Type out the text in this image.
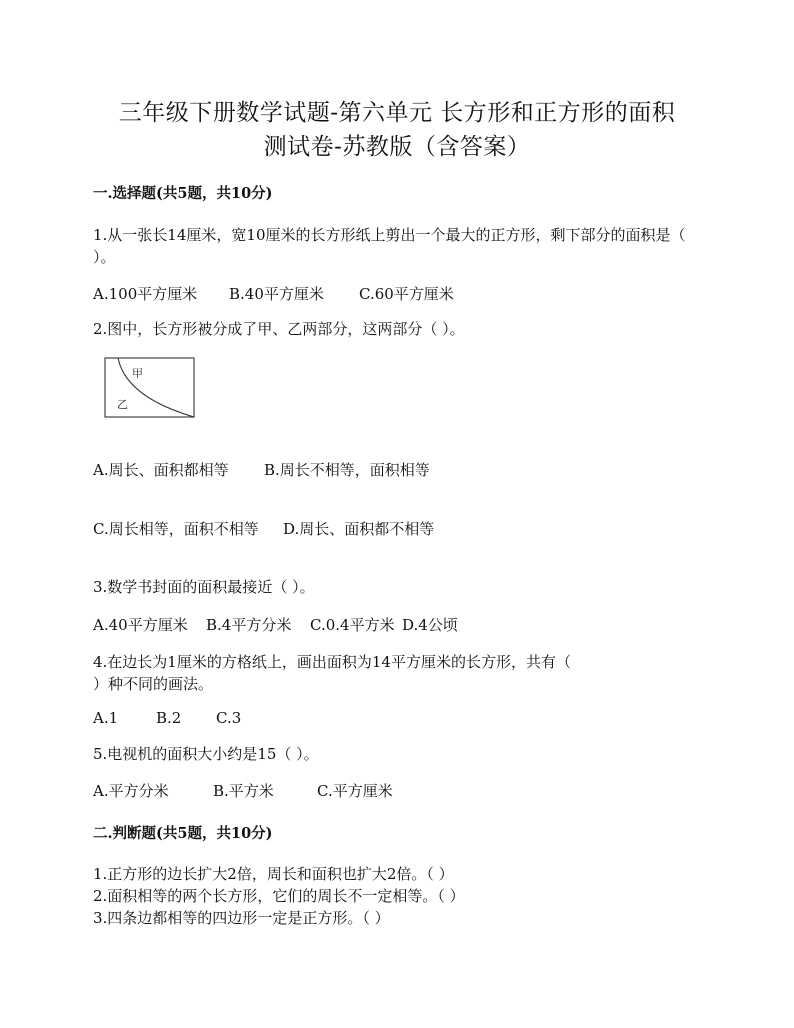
三年级下册数学试题-第六单元 长方形和正方形的面积
测试卷-苏教版（含答案）
一.选择题(共5题，共10分)
1.从一张长14厘米，宽10厘米的长方形纸上剪出一个最大的正方形，剩下部分的面积是（
）。
A.100平方厘米 B.40平方厘米 C.60平方厘米
2.图中，长方形被分成了甲、乙两部分，这两部分（ ）。
甲
乙
A.周长、面积都相等 B.周长不相等，面积相等
C.周长相等，面积不相等 D.周长、面积都不相等
3.数学书封面的面积最接近（ ）。
A.40平方厘米 B.4平方分米 C.0.4平方米 D.4公顷
4.在边长为1厘米的方格纸上，画出面积为14平方厘米的长方形，共有（
）种不同的画法。
A.1	B.2 C.3
5.电视机的面积大小约是15（ ）。
A.平方分米	B.平方米	C.平方厘米
二.判断题(共5题，共10分)
1.正方形的边长扩大2倍，周长和面积也扩大2倍。（ ）
2.面积相等的两个长方形，它们的周长不一定相等。（ ）
3.四条边都相等的四边形一定是正方形。（ ）
